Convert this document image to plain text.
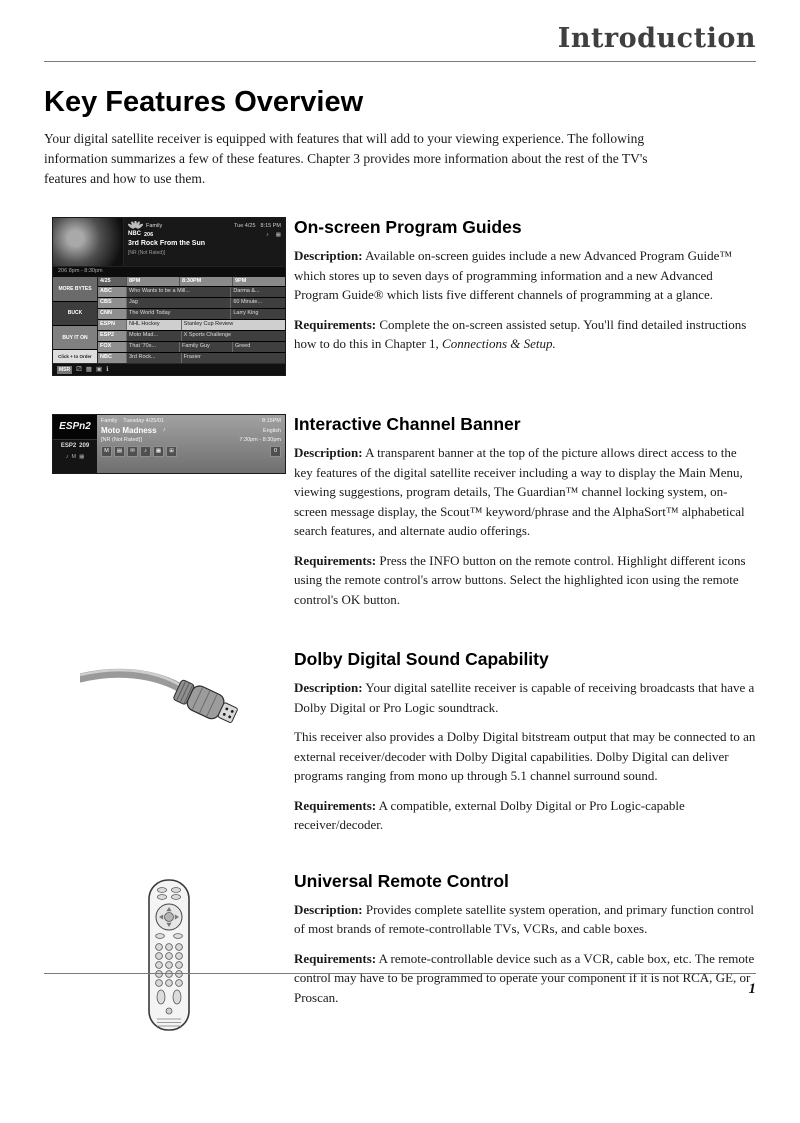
Introduction
Key Features Overview

Your digital satellite receiver is equipped with features that will add to your viewing experience. The following information summarizes a few of these features. Chapter 3 provides more information about the rest of the TV's features and how to use them.

Family	Tue 4/25 8:15 PM
NBC 206	♪ ▦
3rd Rock From the Sun
[NR (Not Rated)]
206 8pm - 8:30pm
MORE BYTES
BUCK
BUY IT ON
Click + to Order
4/25	8PM	8:30PM	9PM
ABC	Who Wants to be a Mill...	Darma &...
CBS	Jag	60 Minute...
CNN	The World Today	Larry King
ESPN	NHL Hockey	Stanley Cup Review
ESP2	Moto Mad...	X Sports Challenge
FOX	That '70s...	Family Guy	Greed
NBC	3rd Rock...	Frasier
MSR ⚂ ▦ ▣ ℹ
On-screen Program Guides

Description: Available on-screen guides include a new Advanced Program Guide™ which stores up to seven days of programming information and a new Advanced Program Guide® which lists five different channels of programming at a glance.

Requirements: Complete the on-screen assisted setup. You'll find detailed instructions how to do this in Chapter 1, Connections & Setup.

ESPn2
ESP2 209
♪ M ▦
Family Tuesday 4/25/01	8:15PM
Moto Madness ♪	English
[NR (Not Rated)]	7:30pm - 8:30pm
M	▤	✉	♪	▦	⊞	0
Interactive Channel Banner

Description: A transparent banner at the top of the picture allows direct access to the key features of the digital satellite receiver including a way to display the Main Menu, viewing suggestions, program details, The Guardian™ channel locking system, on-screen message display, the Scout™ keyword/phrase and the AlphaSort™ alphabetical search features, and alternate audio offerings.

Requirements: Press the INFO button on the remote control. Highlight different icons using the remote control's arrow buttons. Select the highlighted icon using the remote control's OK button.

Dolby Digital Sound Capability

Description: Your digital satellite receiver is capable of receiving broadcasts that have a Dolby Digital or Pro Logic soundtrack.

This receiver also provides a Dolby Digital bitstream output that may be connected to an external receiver/decoder with Dolby Digital capabilities. Dolby Digital can deliver programs ranging from mono up through 5.1 channel surround sound.

Requirements: A compatible, external Dolby Digital or Pro Logic-capable receiver/decoder.

Universal Remote Control

Description: Provides complete satellite system operation, and primary function control of most brands of remote-controllable TVs, VCRs, and cable boxes.

Requirements: A remote-controllable device such as a VCR, cable box, etc. The remote control may have to be programmed to operate your component if it is not RCA, GE, or Proscan.

1
